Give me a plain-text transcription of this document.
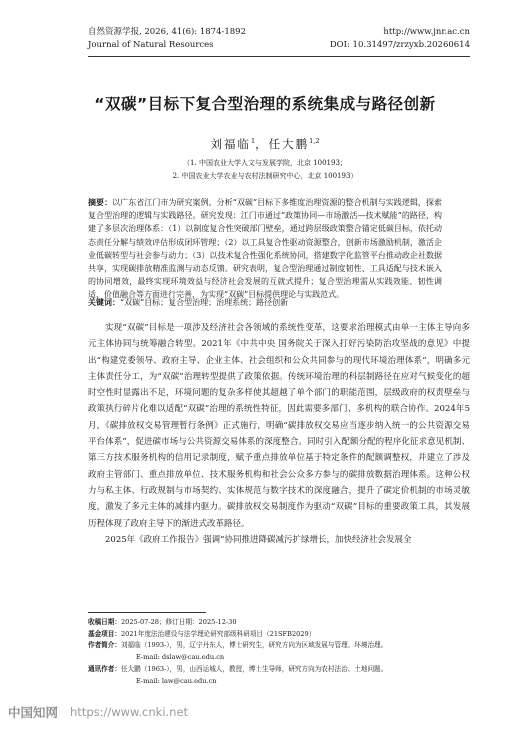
自然资源学报, 2026, 41(6): 1874-1892	http://www.jnr.ac.cn
Journal of Natural Resources	DOI: 10.31497/zrzyxb.20260614
“双碳”目标下复合型治理的系统集成与路径创新
刘福临$^1$，任大鹏$^{1,2}$
（1. 中国农业大学人文与发展学院，北京 100193；
2. 中国农业大学农业与农村法制研究中心，北京 100193）
摘要：以广东省江门市为研究案例，分析“双碳”目标下多维度治理资源的整合机制与实践逻辑，探索复合型治理的逻辑与实践路径。研究发现：江门市通过“政策协同—市场激活—技术赋能”的路径，构建了多层次治理体系：（1）以制度复合性突破部门壁垒，通过跨层级政策整合锚定低碳目标，依托动态责任分解与绩效评估形成闭环管理；（2）以工具复合性驱动资源整合，创新市场激励机制，激活企业低碳转型与社会参与动力；（3）以技术复合性强化系统协同，搭建数字化监管平台推动政企社数据共享，实现碳排放精准监测与动态反馈。研究表明，复合型治理通过制度韧性、工具适配与技术嵌入的协同增效，最终实现环境效益与经济社会发展的互就式提升；复合型治理需从实践效能、韧性调适、价值融合等方面进行完善，为实现“双碳”目标提供理论与实践范式。
关键词：“双碳”目标；复合型治理；治理系统；路径创新

实现“双碳”目标是一项涉及经济社会各领域的系统性变革，这要求治理模式由单一主体主导向多元主体协同与统筹融合转型。2021年《中共中央 国务院关于深入打好污染防治攻坚战的意见》中提出“构建党委领导、政府主导、企业主体、社会组织和公众共同参与的现代环境治理体系”，明确多元主体责任分工，为“双碳”治理转型提供了政策依据。传统环境治理的科层制路径在应对气候变化的超时空性时显露出不足，环境问题的复杂多样使其超越了单个部门的职能范围，层级政府的权责壁垒与政策执行碎片化难以适配“双碳”治理的系统性特征，因此需要多部门、多机构的联合协作。2024年5月，《碳排放权交易管理暂行条例》正式施行，明确“碳排放权交易应当逐步纳入统一的公共资源交易平台体系”，促进碳市场与公共资源交易体系的深度整合。同时引入配额分配的程序化征求意见机制、第三方技术服务机构的信用记录制度，赋予重点排放单位基于特定条件的配额调整权，并建立了涉及政府主管部门、重点排放单位、技术服务机构和社会公众多方参与的碳排放数据治理体系。这种公权力与私主体、行政规制与市场契约、实体规范与数字技术的深度融合，提升了碳定价机制的市场灵敏度，激发了多元主体的减排内驱力。碳排放权交易制度作为驱动“双碳”目标的重要政策工具，其发展历程体现了政府主导下的渐进式改革路径。

2025年《政府工作报告》强调“协同推进降碳减污扩绿增长，加快经济社会发展全

收稿日期：2025-07-28；修订日期：2025-12-30
基金项目：2021年度法治建设与法学理论研究部级科研项目（21SFB2029）
作者简介：刘福临（1993-），男，辽宁丹东人，博士研究生，研究方向为区域发展与管理、环境治理。
E-mail: dslaw@cau.edu.cn
通讯作者：任大鹏（1963-），男，山西运城人，教授，博士生导师，研究方向为农村法治、土地问题。
E-mail: law@cau.edu.cn
中国知网 https://www.cnki.net
